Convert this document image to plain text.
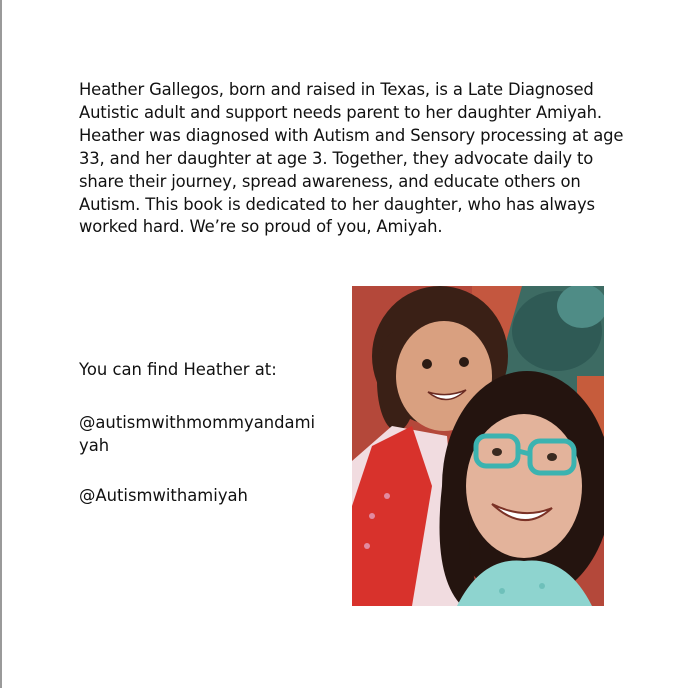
Heather Gallegos, born and raised in Texas, is a Late Diagnosed Autistic adult and support needs parent to her daughter Amiyah. Heather was diagnosed with Autism and Sensory processing at age 33, and her daughter at age 3. Together, they advocate daily to share their journey, spread awareness, and educate others on Autism. This book is dedicated to her daughter, who has always worked hard. We’re so proud of you, Amiyah.

You can find Heather at:

@autismwithmommyandamiyah

@Autismwithamiyah
